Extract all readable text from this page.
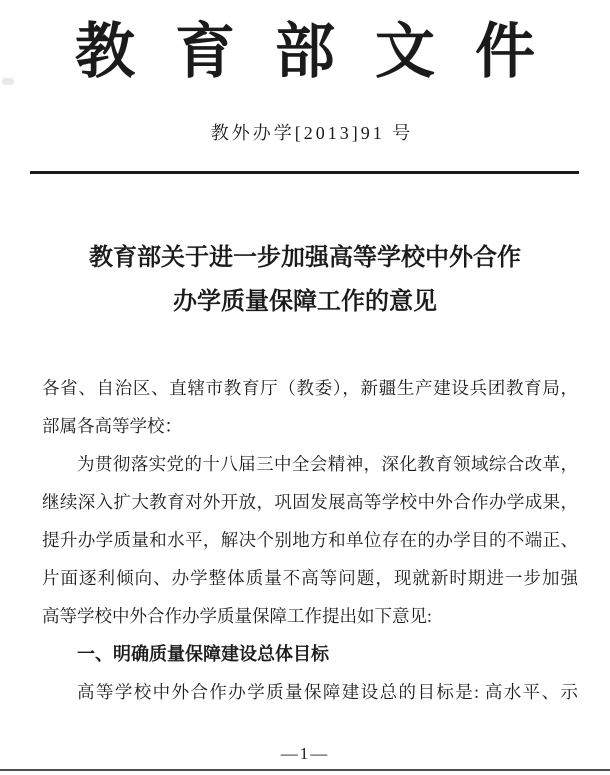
教育部文件
教外办学[2013]91 号
教育部关于进一步加强高等学校中外合作
办学质量保障工作的意见
各省、自治区、直辖市教育厅（教委），新疆生产建设兵团教育局，
部属各高等学校：
为贯彻落实党的十八届三中全会精神，深化教育领域综合改革，
继续深入扩大教育对外开放，巩固发展高等学校中外合作办学成果，
提升办学质量和水平，解决个别地方和单位存在的办学目的不端正、
片面逐利倾向、办学整体质量不高等问题，现就新时期进一步加强
高等学校中外合作办学质量保障工作提出如下意见:
一、明确质量保障建设总体目标
高等学校中外合作办学质量保障建设总的目标是: 高水平、示
—1—
